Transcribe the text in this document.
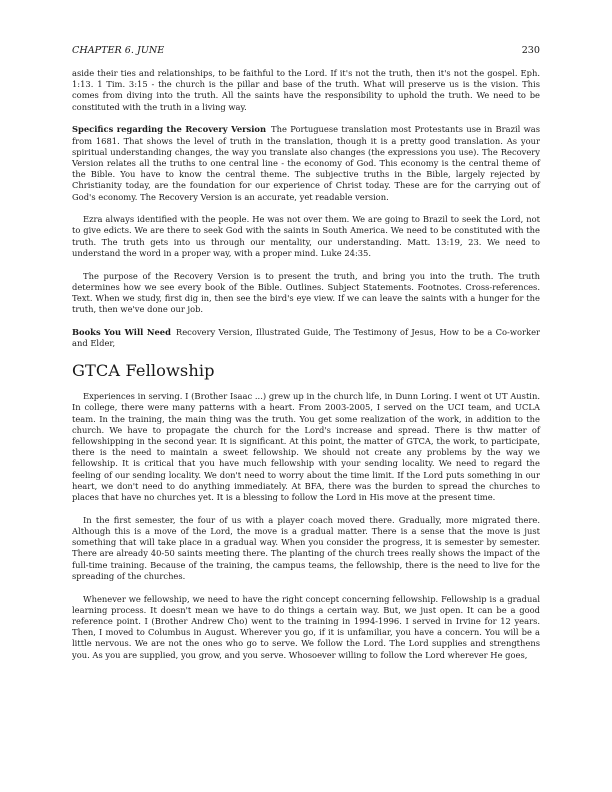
CHAPTER 6. JUNE	230

aside their ties and relationships, to be faithful to the Lord. If it's not the truth, then it's not the gospel. Eph. 1:13. 1 Tim. 3:15 - the church is the pillar and base of the truth. What will preserve us is the vision. This comes from diving into the truth. All the saints have the responsibility to uphold the truth. We need to be constituted with the truth in a living way.

Specifics regarding the Recovery Version The Portuguese translation most Protestants use in Brazil was from 1681. That shows the level of truth in the translation, though it is a pretty good translation. As your spiritual understanding changes, the way you translate also changes (the expressions you use). The Recovery Version relates all the truths to one central line - the economy of God. This economy is the central theme of the Bible. You have to know the central theme. The subjective truths in the Bible, largely rejected by Christianity today, are the foundation for our experience of Christ today. These are for the carrying out of God's economy. The Recovery Version is an accurate, yet readable version.

Ezra always identified with the people. He was not over them. We are going to Brazil to seek the Lord, not to give edicts. We are there to seek God with the saints in South America. We need to be constituted with the truth. The truth gets into us through our mentality, our understanding. Matt. 13:19, 23. We need to understand the word in a proper way, with a proper mind. Luke 24:35.

The purpose of the Recovery Version is to present the truth, and bring you into the truth. The truth determines how we see every book of the Bible. Outlines. Subject Statements. Footnotes. Cross-references. Text. When we study, first dig in, then see the bird's eye view. If we can leave the saints with a hunger for the truth, then we've done our job.

Books You Will Need Recovery Version, Illustrated Guide, The Testimony of Jesus, How to be a Co-worker and Elder,

GTCA Fellowship

Experiences in serving. I (Brother Isaac ...) grew up in the church life, in Dunn Loring. I went ot UT Austin. In college, there were many patterns with a heart. From 2003-2005, I served on the UCI team, and UCLA team. In the training, the main thing was the truth. You get some realization of the work, in addition to the church. We have to propagate the church for the Lord's increase and spread. There is thw matter of fellowshipping in the second year. It is significant. At this point, the matter of GTCA, the work, to participate, there is the need to maintain a sweet fellowship. We should not create any problems by the way we fellowship. It is critical that you have much fellowship with your sending locality. We need to regard the feeling of our sending locality. We don't need to worry about the time limit. If the Lord puts something in our heart, we don't need to do anything immediately. At BFA, there was the burden to spread the churches to places that have no churches yet. It is a blessing to follow the Lord in His move at the present time.

In the first semester, the four of us with a player coach moved there. Gradually, more migrated there. Although this is a move of the Lord, the move is a gradual matter. There is a sense that the move is just something that will take place in a gradual way. When you consider the progress, it is semester by semester. There are already 40-50 saints meeting there. The planting of the church trees really shows the impact of the full-time training. Because of the training, the campus teams, the fellowship, there is the need to live for the spreading of the churches.

Whenever we fellowship, we need to have the right concept concerning fellowship. Fellowship is a gradual learning process. It doesn't mean we have to do things a certain way. But, we just open. It can be a good reference point. I (Brother Andrew Cho) went to the training in 1994-1996. I served in Irvine for 12 years. Then, I moved to Columbus in August. Wherever you go, if it is unfamiliar, you have a concern. You will be a little nervous. We are not the ones who go to serve. We follow the Lord. The Lord supplies and strengthens you. As you are supplied, you grow, and you serve. Whosoever willing to follow the Lord wherever He goes,
